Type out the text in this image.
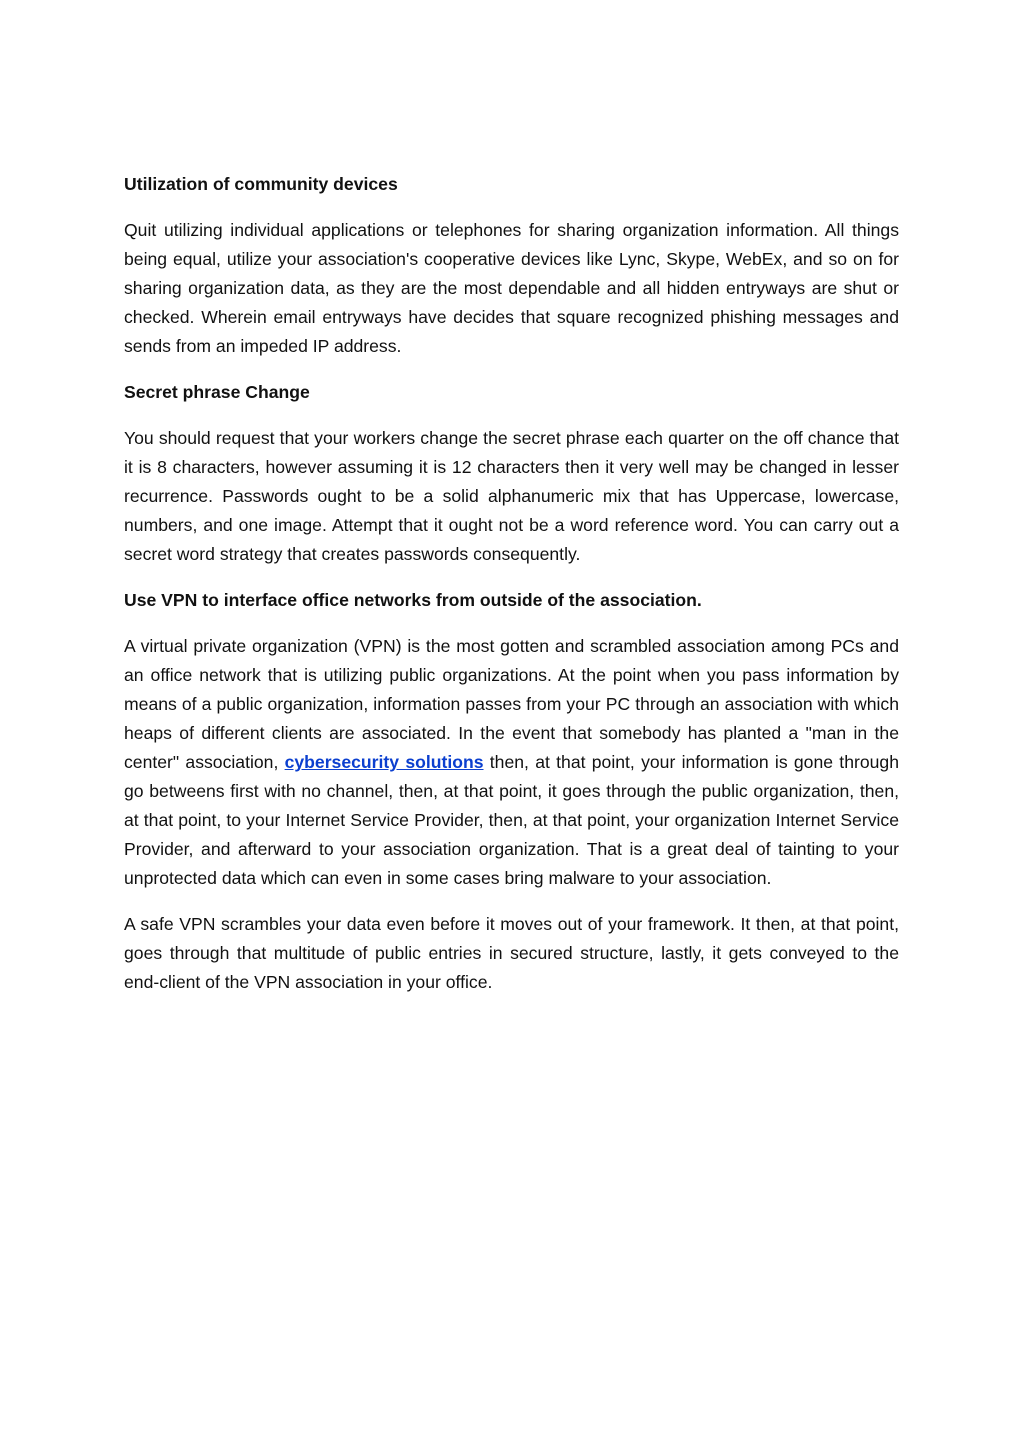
Utilization of community devices
Quit utilizing individual applications or telephones for sharing organization information. All things being equal, utilize your association's cooperative devices like Lync, Skype, WebEx, and so on for sharing organization data, as they are the most dependable and all hidden entryways are shut or checked. Wherein email entryways have decides that square recognized phishing messages and sends from an impeded IP address.
Secret phrase Change
You should request that your workers change the secret phrase each quarter on the off chance that it is 8 characters, however assuming it is 12 characters then it very well may be changed in lesser recurrence. Passwords ought to be a solid alphanumeric mix that has Uppercase, lowercase, numbers, and one image. Attempt that it ought not be a word reference word. You can carry out a secret word strategy that creates passwords consequently.
Use VPN to interface office networks from outside of the association.
A virtual private organization (VPN) is the most gotten and scrambled association among PCs and an office network that is utilizing public organizations. At the point when you pass information by means of a public organization, information passes from your PC through an association with which heaps of different clients are associated. In the event that somebody has planted a "man in the center" association, cybersecurity solutions then, at that point, your information is gone through go betweens first with no channel, then, at that point, it goes through the public organization, then, at that point, to your Internet Service Provider, then, at that point, your organization Internet Service Provider, and afterward to your association organization. That is a great deal of tainting to your unprotected data which can even in some cases bring malware to your association.
A safe VPN scrambles your data even before it moves out of your framework. It then, at that point, goes through that multitude of public entries in secured structure, lastly, it gets conveyed to the end-client of the VPN association in your office.
